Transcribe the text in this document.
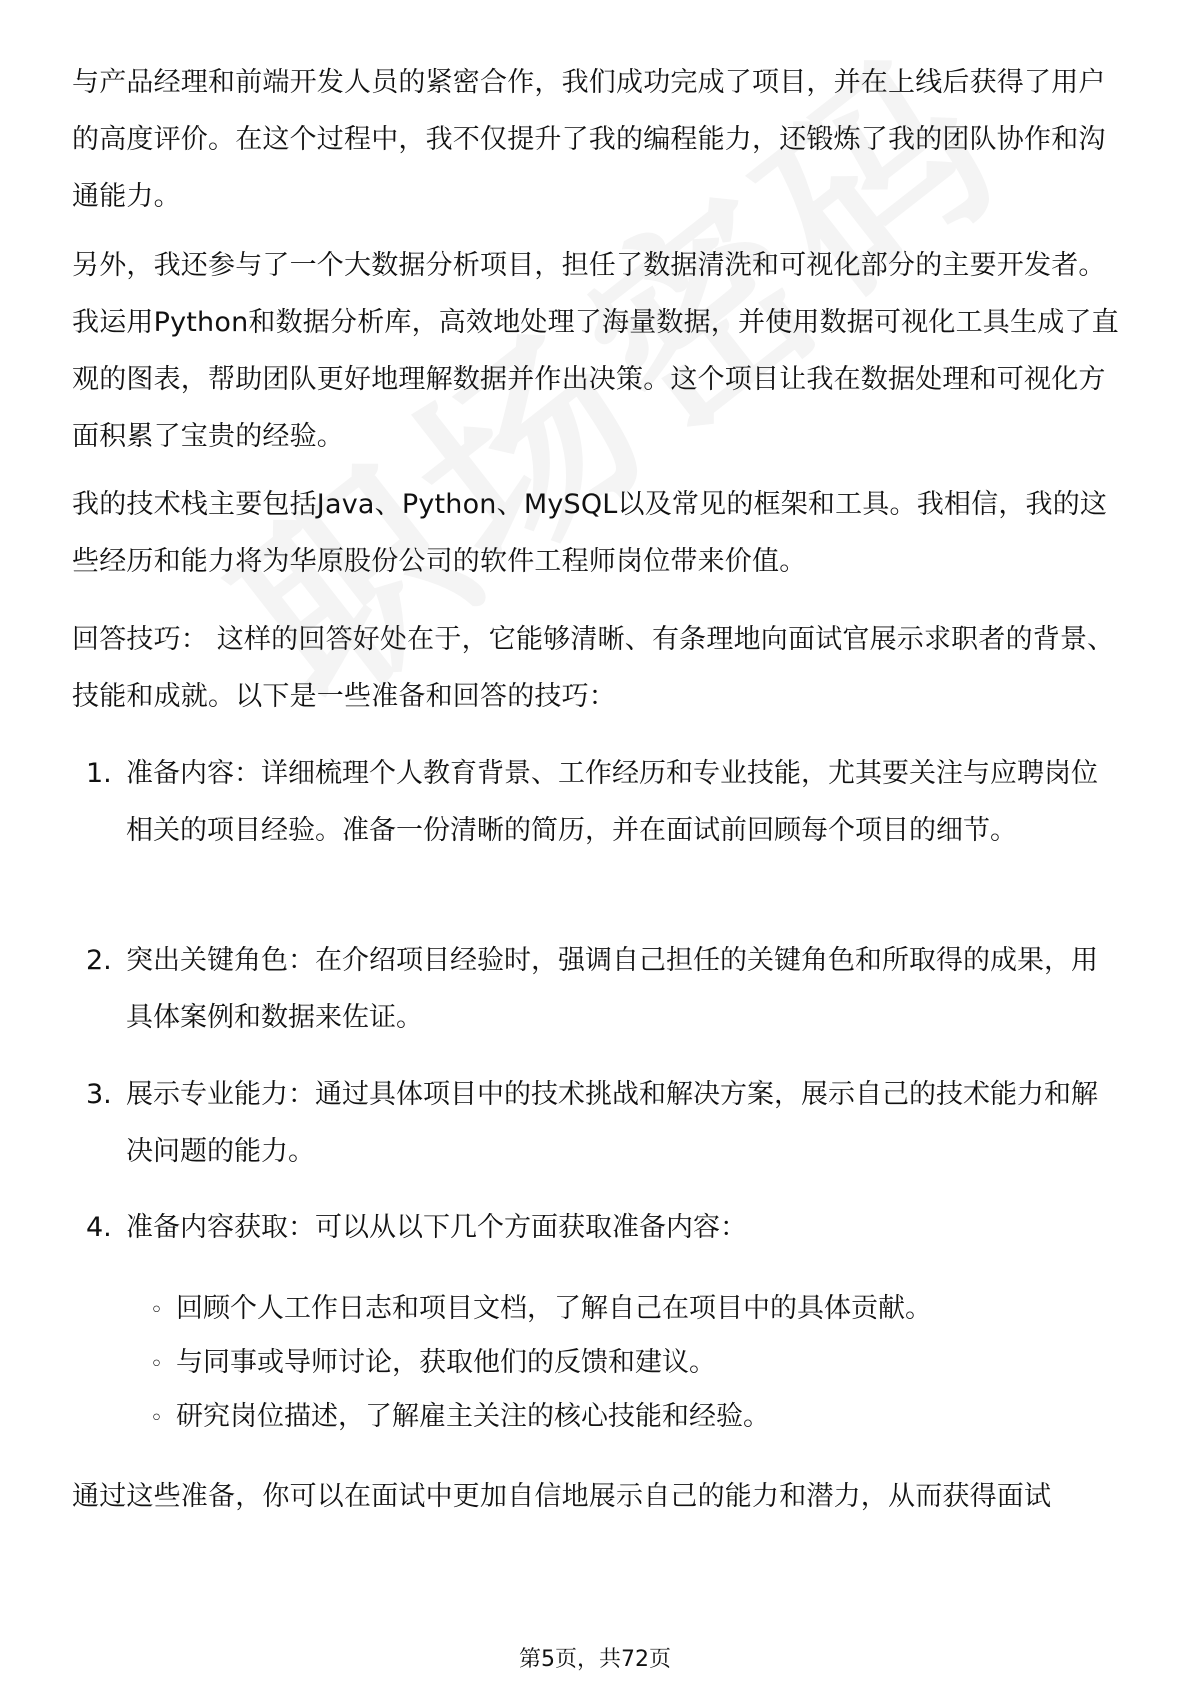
与产品经理和前端开发人员的紧密合作，我们成功完成了项目，并在上线后获得了用户的高度评价。在这个过程中，我不仅提升了我的编程能力，还锻炼了我的团队协作和沟通能力。

另外，我还参与了一个大数据分析项目，担任了数据清洗和可视化部分的主要开发者。我运用Python和数据分析库，高效地处理了海量数据，并使用数据可视化工具生成了直观的图表，帮助团队更好地理解数据并作出决策。这个项目让我在数据处理和可视化方面积累了宝贵的经验。

我的技术栈主要包括Java、Python、MySQL以及常见的框架和工具。我相信，我的这些经历和能力将为华原股份公司的软件工程师岗位带来价值。

回答技巧： 这样的回答好处在于，它能够清晰、有条理地向面试官展示求职者的背景、技能和成就。以下是一些准备和回答的技巧：

1. 准备内容：详细梳理个人教育背景、工作经历和专业技能，尤其要关注与应聘岗位相关的项目经验。准备一份清晰的简历，并在面试前回顾每个项目的细节。
2. 突出关键角色：在介绍项目经验时，强调自己担任的关键角色和所取得的成果，用具体案例和数据来佐证。
3. 展示专业能力：通过具体项目中的技术挑战和解决方案，展示自己的技术能力和解决问题的能力。
4. 准备内容获取：可以从以下几个方面获取准备内容：
◦ 回顾个人工作日志和项目文档，了解自己在项目中的具体贡献。
◦ 与同事或导师讨论，获取他们的反馈和建议。
◦ 研究岗位描述，了解雇主关注的核心技能和经验。

通过这些准备，你可以在面试中更加自信地展示自己的能力和潜力，从而获得面试

第5页，共72页
